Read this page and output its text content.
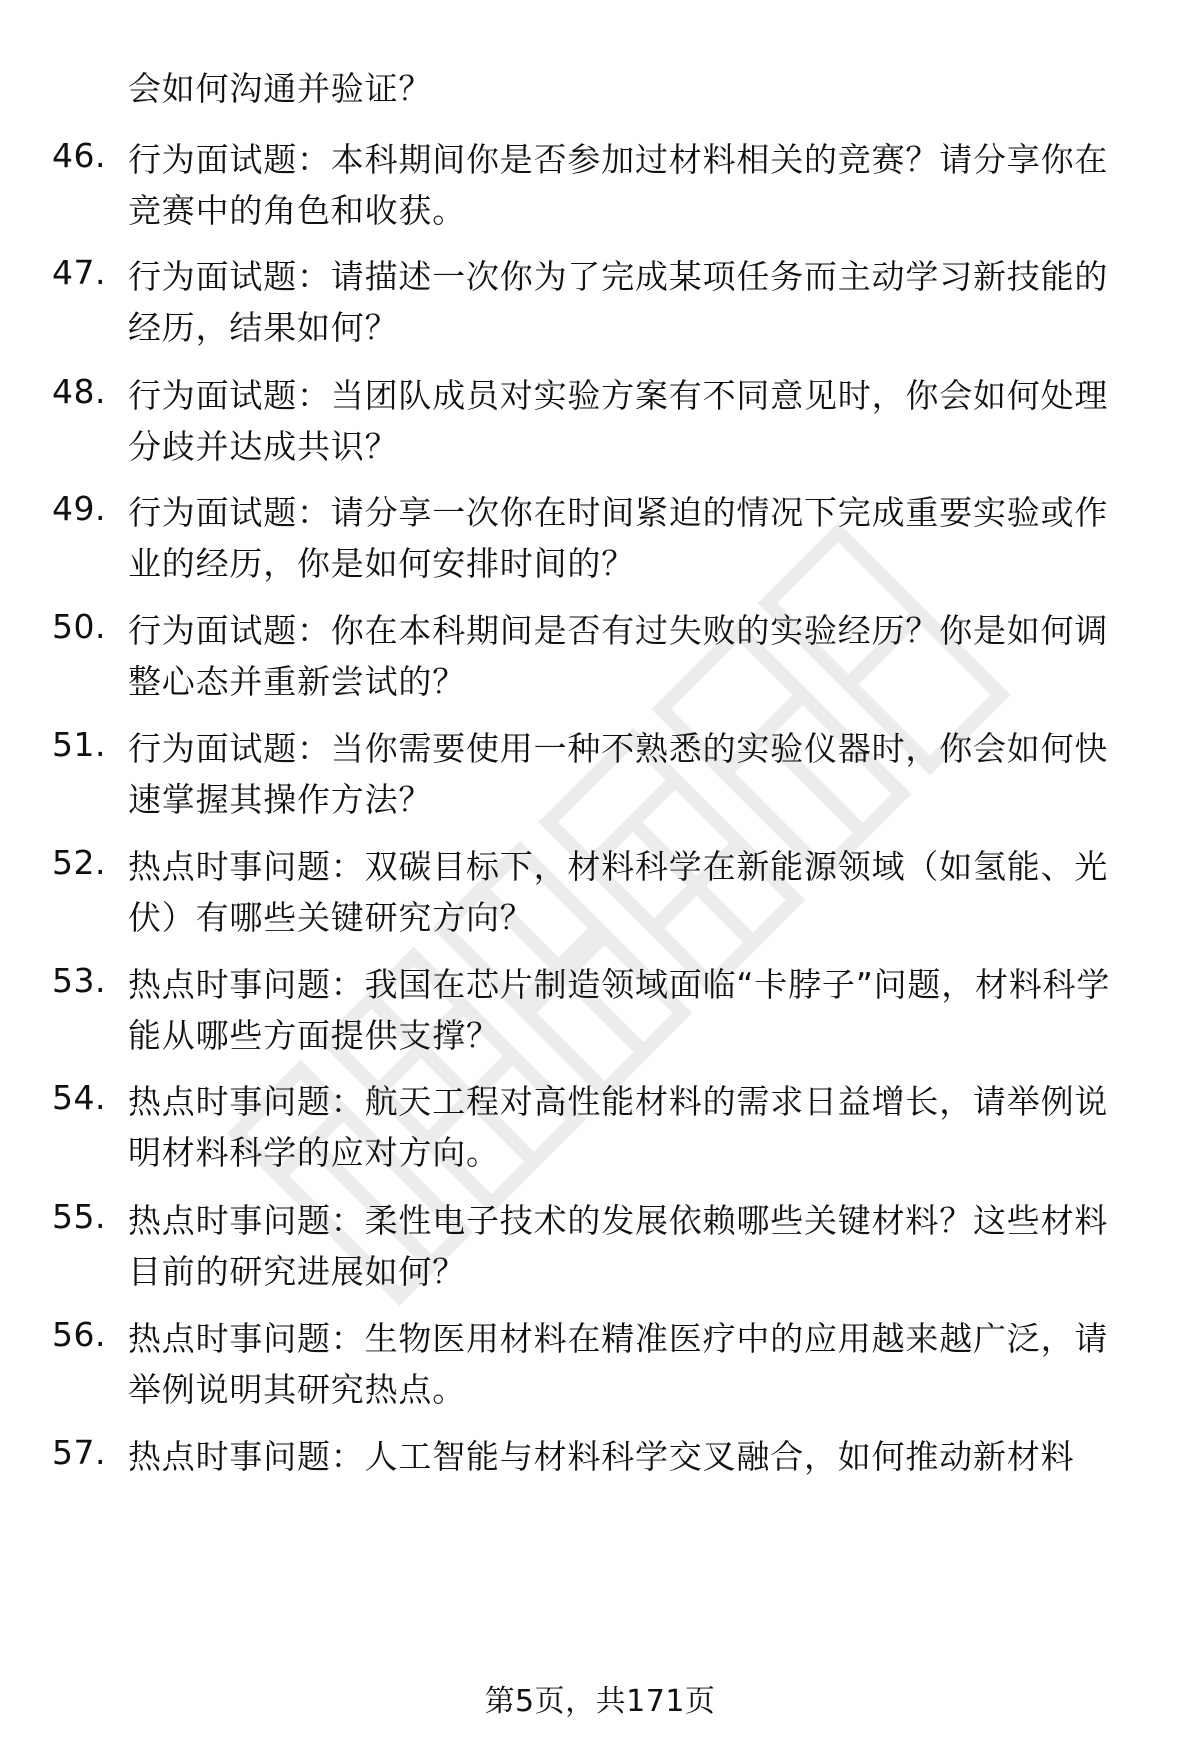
会如何沟通并验证？
46. 行为面试题：本科期间你是否参加过材料相关的竞赛？请分享你在竞赛中的角色和收获。
47. 行为面试题：请描述一次你为了完成某项任务而主动学习新技能的经历，结果如何？
48. 行为面试题：当团队成员对实验方案有不同意见时，你会如何处理分歧并达成共识？
49. 行为面试题：请分享一次你在时间紧迫的情况下完成重要实验或作业的经历，你是如何安排时间的？
50. 行为面试题：你在本科期间是否有过失败的实验经历？你是如何调整心态并重新尝试的？
51. 行为面试题：当你需要使用一种不熟悉的实验仪器时，你会如何快速掌握其操作方法？
52. 热点时事问题：双碳目标下，材料科学在新能源领域（如氢能、光伏）有哪些关键研究方向？
53. 热点时事问题：我国在芯片制造领域面临“卡脖子”问题，材料科学能从哪些方面提供支撑？
54. 热点时事问题：航天工程对高性能材料的需求日益增长，请举例说明材料科学的应对方向。
55. 热点时事问题：柔性电子技术的发展依赖哪些关键材料？这些材料目前的研究进展如何？
56. 热点时事问题：生物医用材料在精准医疗中的应用越来越广泛，请举例说明其研究热点。
57. 热点时事问题：人工智能与材料科学交叉融合，如何推动新材料
第5页，共171页
